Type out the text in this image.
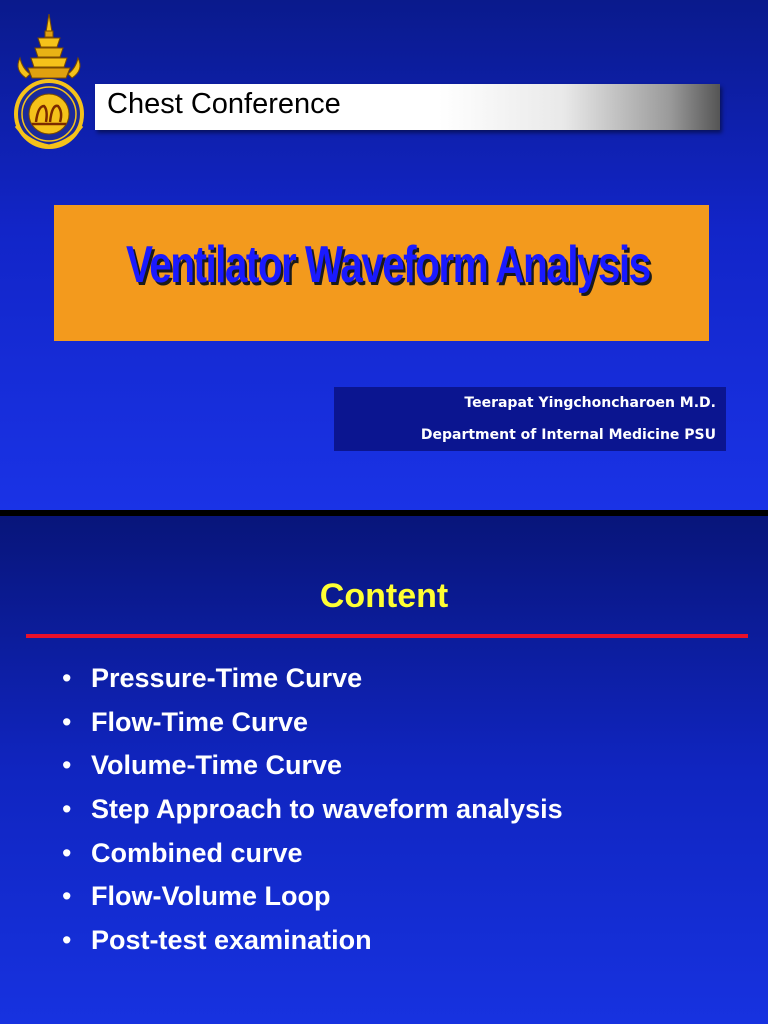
Chest Conference
Ventilator Waveform Analysis
Teerapat Yingchoncharoen M.D.
Department of Internal Medicine PSU
Content
• Pressure-Time Curve
• Flow-Time Curve
• Volume-Time Curve
• Step Approach to waveform analysis
• Combined curve
• Flow-Volume Loop
• Post-test examination
